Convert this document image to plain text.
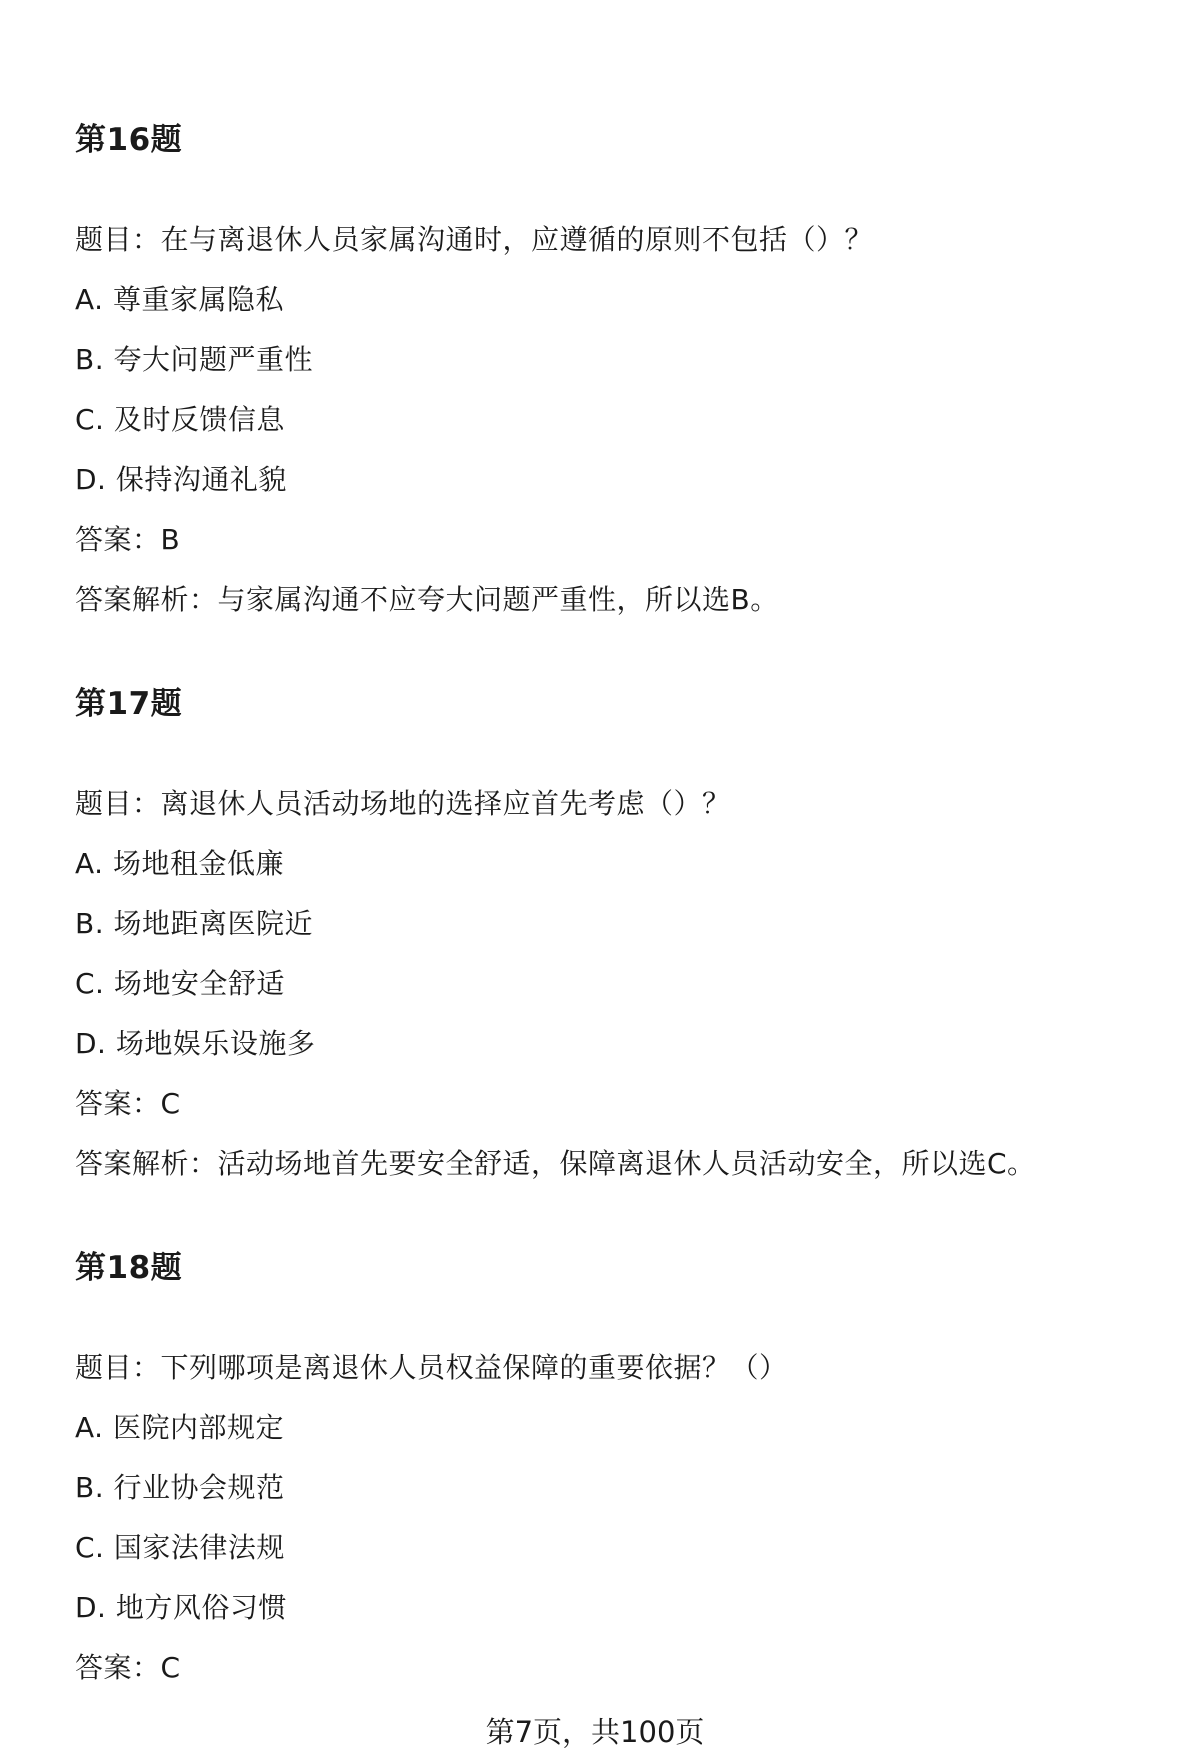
第16题
题目：在与离退休人员家属沟通时，应遵循的原则不包括（）？
A. 尊重家属隐私
B. 夸大问题严重性
C. 及时反馈信息
D. 保持沟通礼貌
答案：B
答案解析：与家属沟通不应夸大问题严重性，所以选B。
第17题
题目：离退休人员活动场地的选择应首先考虑（）？
A. 场地租金低廉
B. 场地距离医院近
C. 场地安全舒适
D. 场地娱乐设施多
答案：C
答案解析：活动场地首先要安全舒适，保障离退休人员活动安全，所以选C。
第18题
题目：下列哪项是离退休人员权益保障的重要依据？（）
A. 医院内部规定
B. 行业协会规范
C. 国家法律法规
D. 地方风俗习惯
答案：C
第7页，共100页
